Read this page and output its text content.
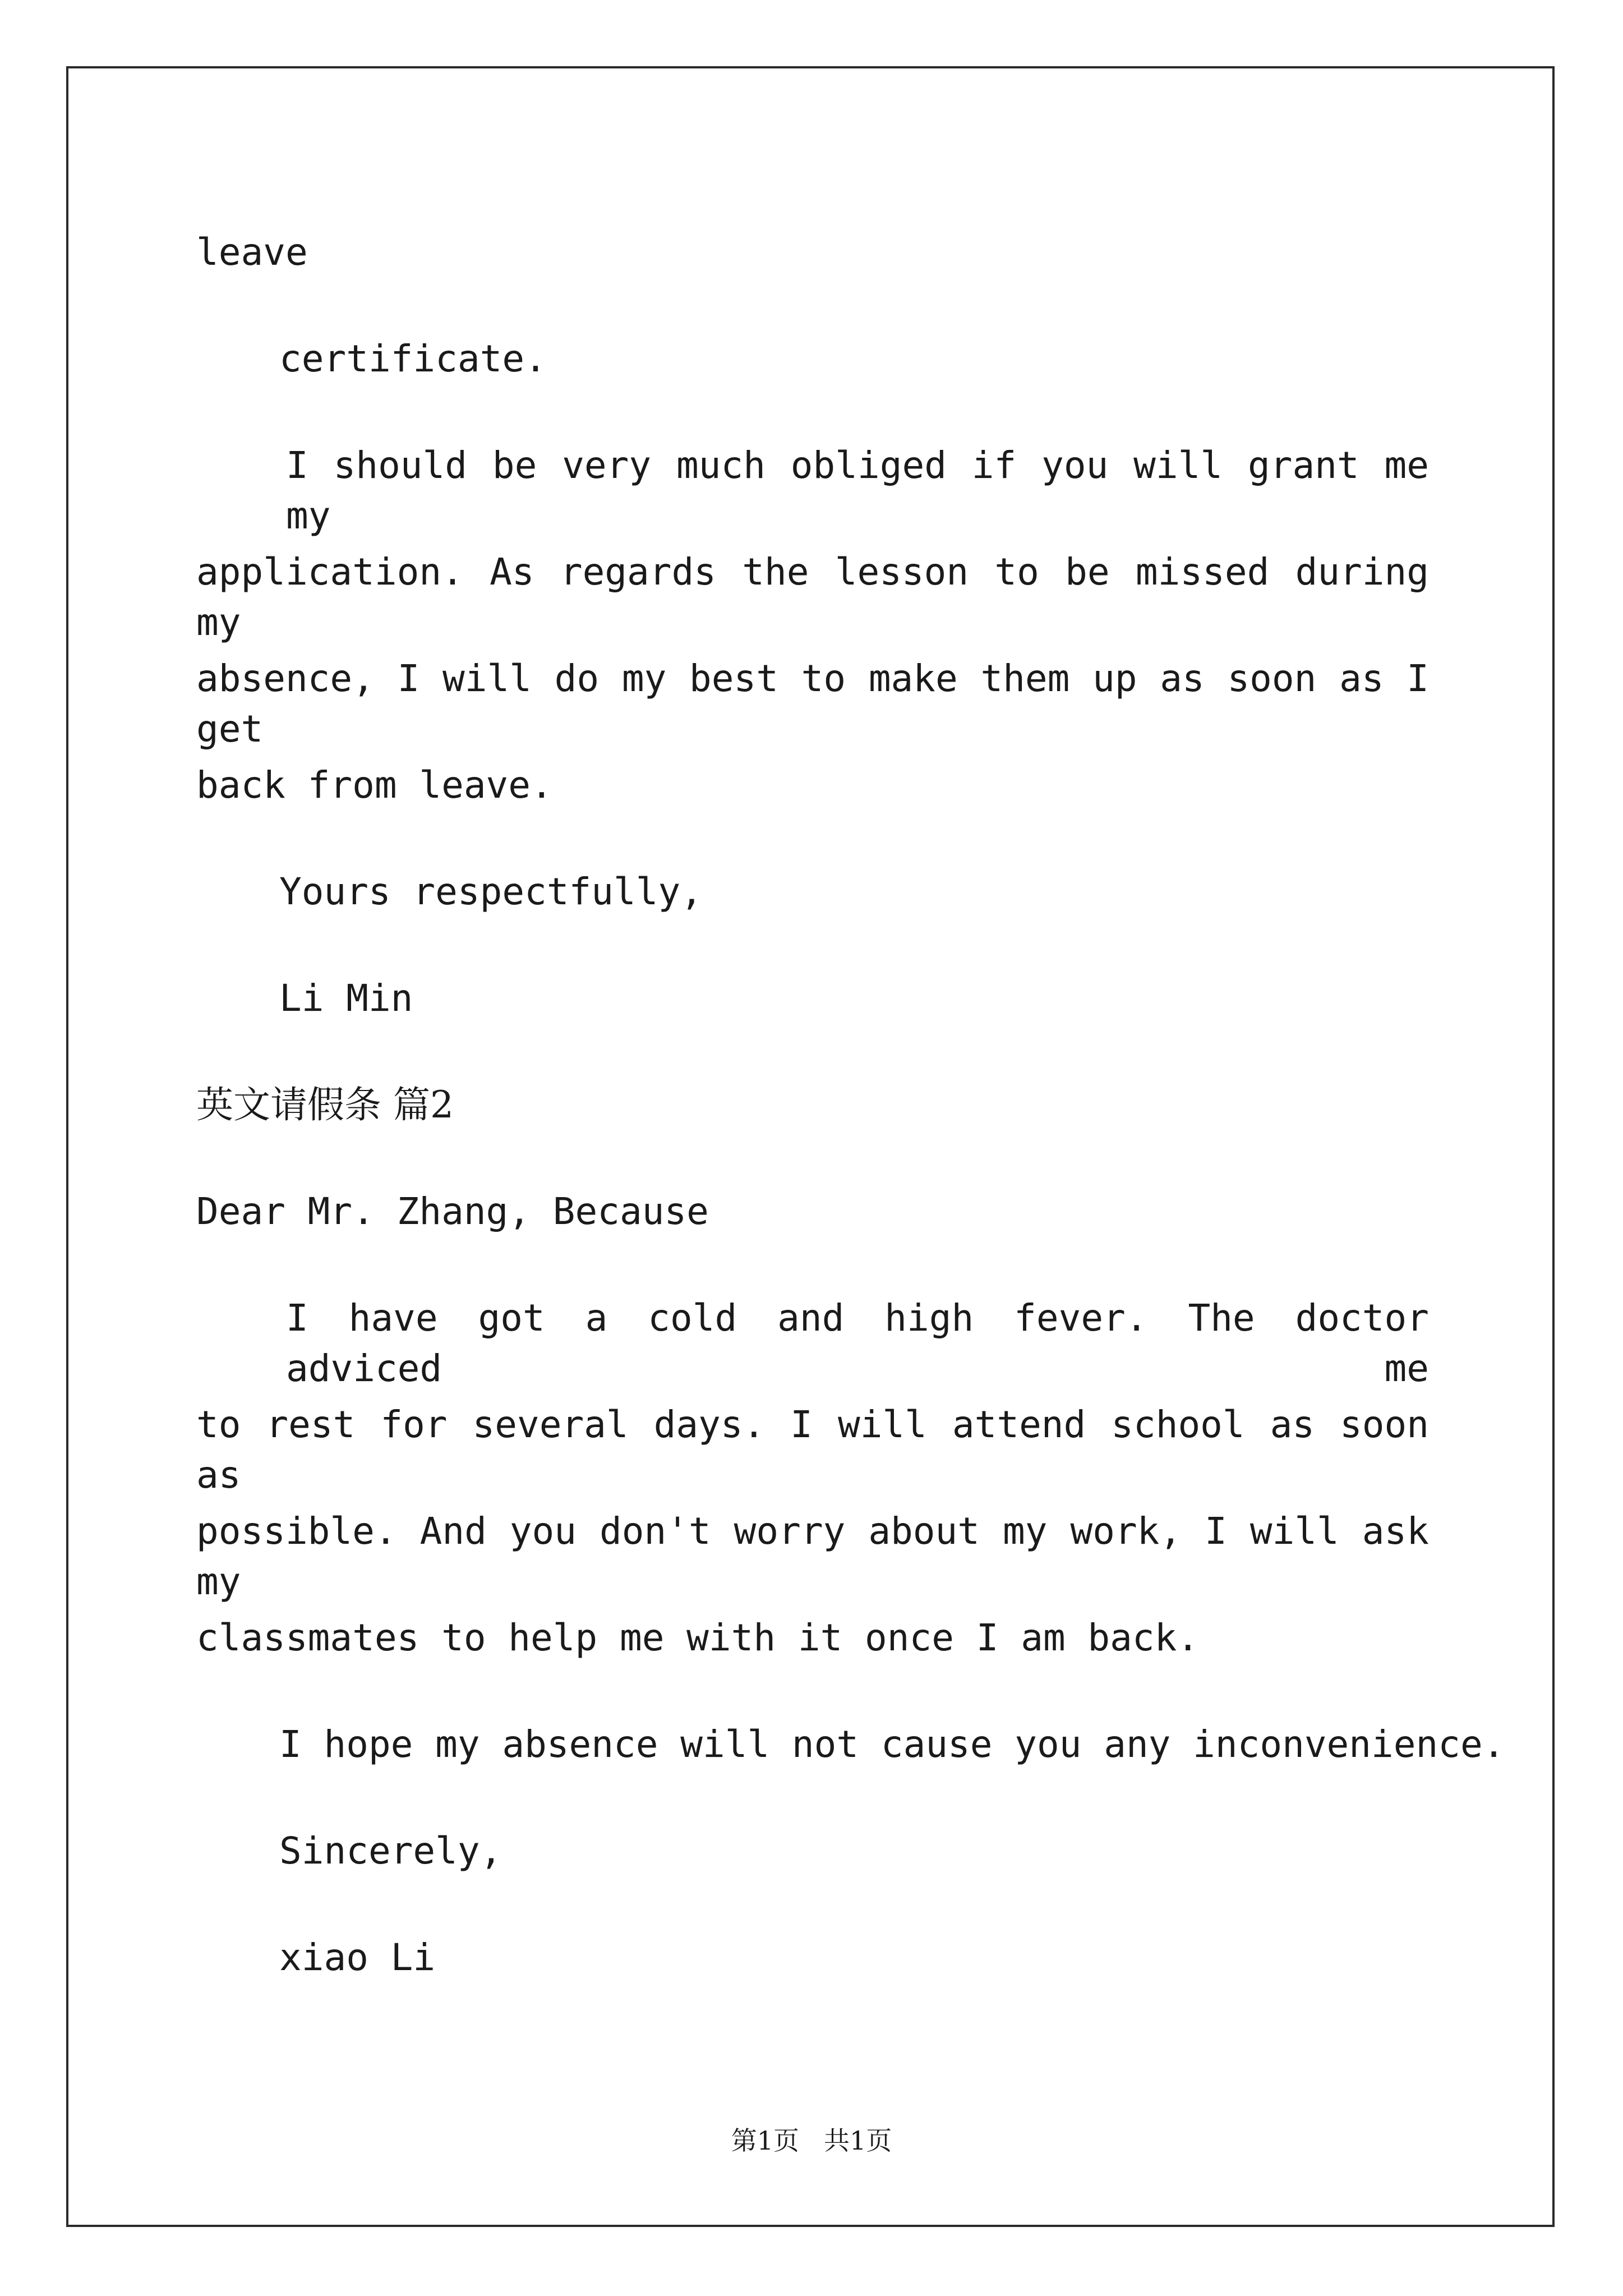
leave
certificate.
I should be very much obliged if you will grant me my
application. As regards the lesson to be missed during my
absence, I will do my best to make them up as soon as I get
back from leave.
Yours respectfully,
Li Min
英文请假条 篇2
Dear Mr. Zhang, Because
I have got a cold and high fever. The doctor adviced me
to rest for several days. I will attend school as soon as
possible. And you don't worry about my work, I will ask my
classmates to help me with it once I am back.
I hope my absence will not cause you any inconvenience.
Sincerely,
xiao Li
第1页 共1页
